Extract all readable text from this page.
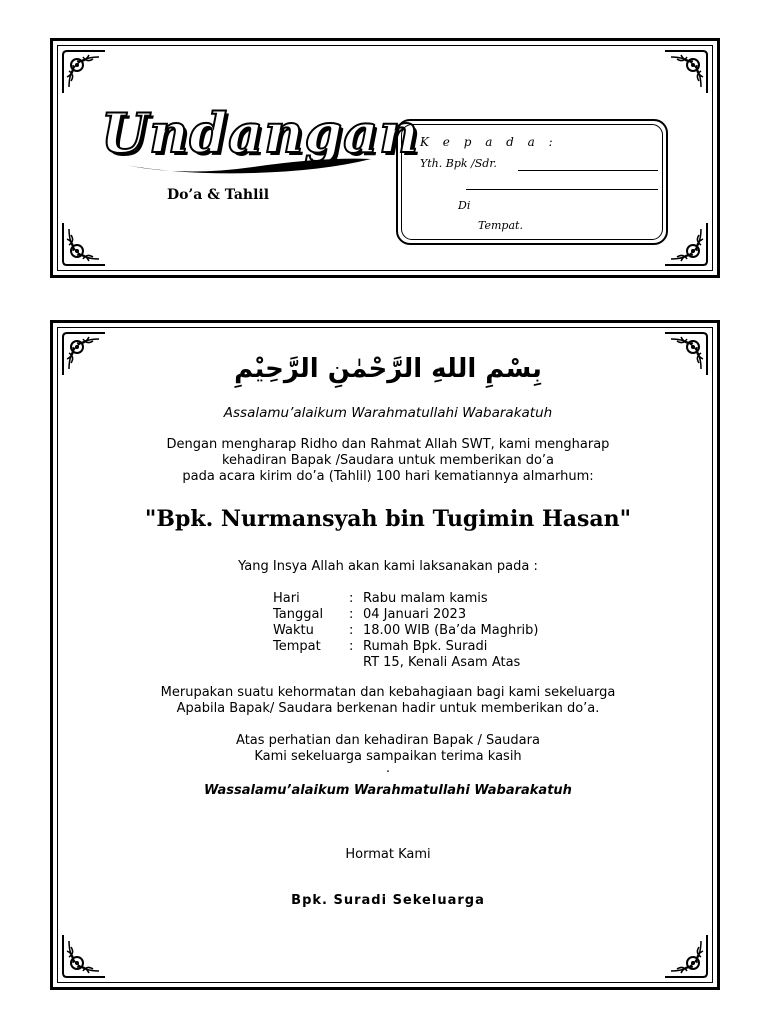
Undangan
Do’a & Tahlil
K e p a d a :
Yth. Bpk /Sdr.
Di
Tempat.
بِسْمِ اللهِ الرَّحْمٰنِ الرَّحِيْمِ
Assalamu’alaikum Warahmatullahi Wabarakatuh
Dengan mengharap Ridho dan Rahmat Allah SWT, kami mengharap
kehadiran Bapak /Saudara untuk memberikan do’a
pada acara kirim do’a (Tahlil) 100 hari kematiannya almarhum:
"Bpk. Nurmansyah bin Tugimin Hasan"
Yang Insya Allah akan kami laksanakan pada :
Hari	: Rabu malam kamis
Tanggal	: 04 Januari 2023
Waktu	: 18.00 WIB (Ba’da Maghrib)
Tempat	: Rumah Bpk. Suradi
RT 15, Kenali Asam Atas
Merupakan suatu kehormatan dan kebahagiaan bagi kami sekeluarga
Apabila Bapak/ Saudara berkenan hadir untuk memberikan do’a.
Atas perhatian dan kehadiran Bapak / Saudara
Kami sekeluarga sampaikan terima kasih
.
Wassalamu’alaikum Warahmatullahi Wabarakatuh
Hormat Kami
Bpk. Suradi Sekeluarga
